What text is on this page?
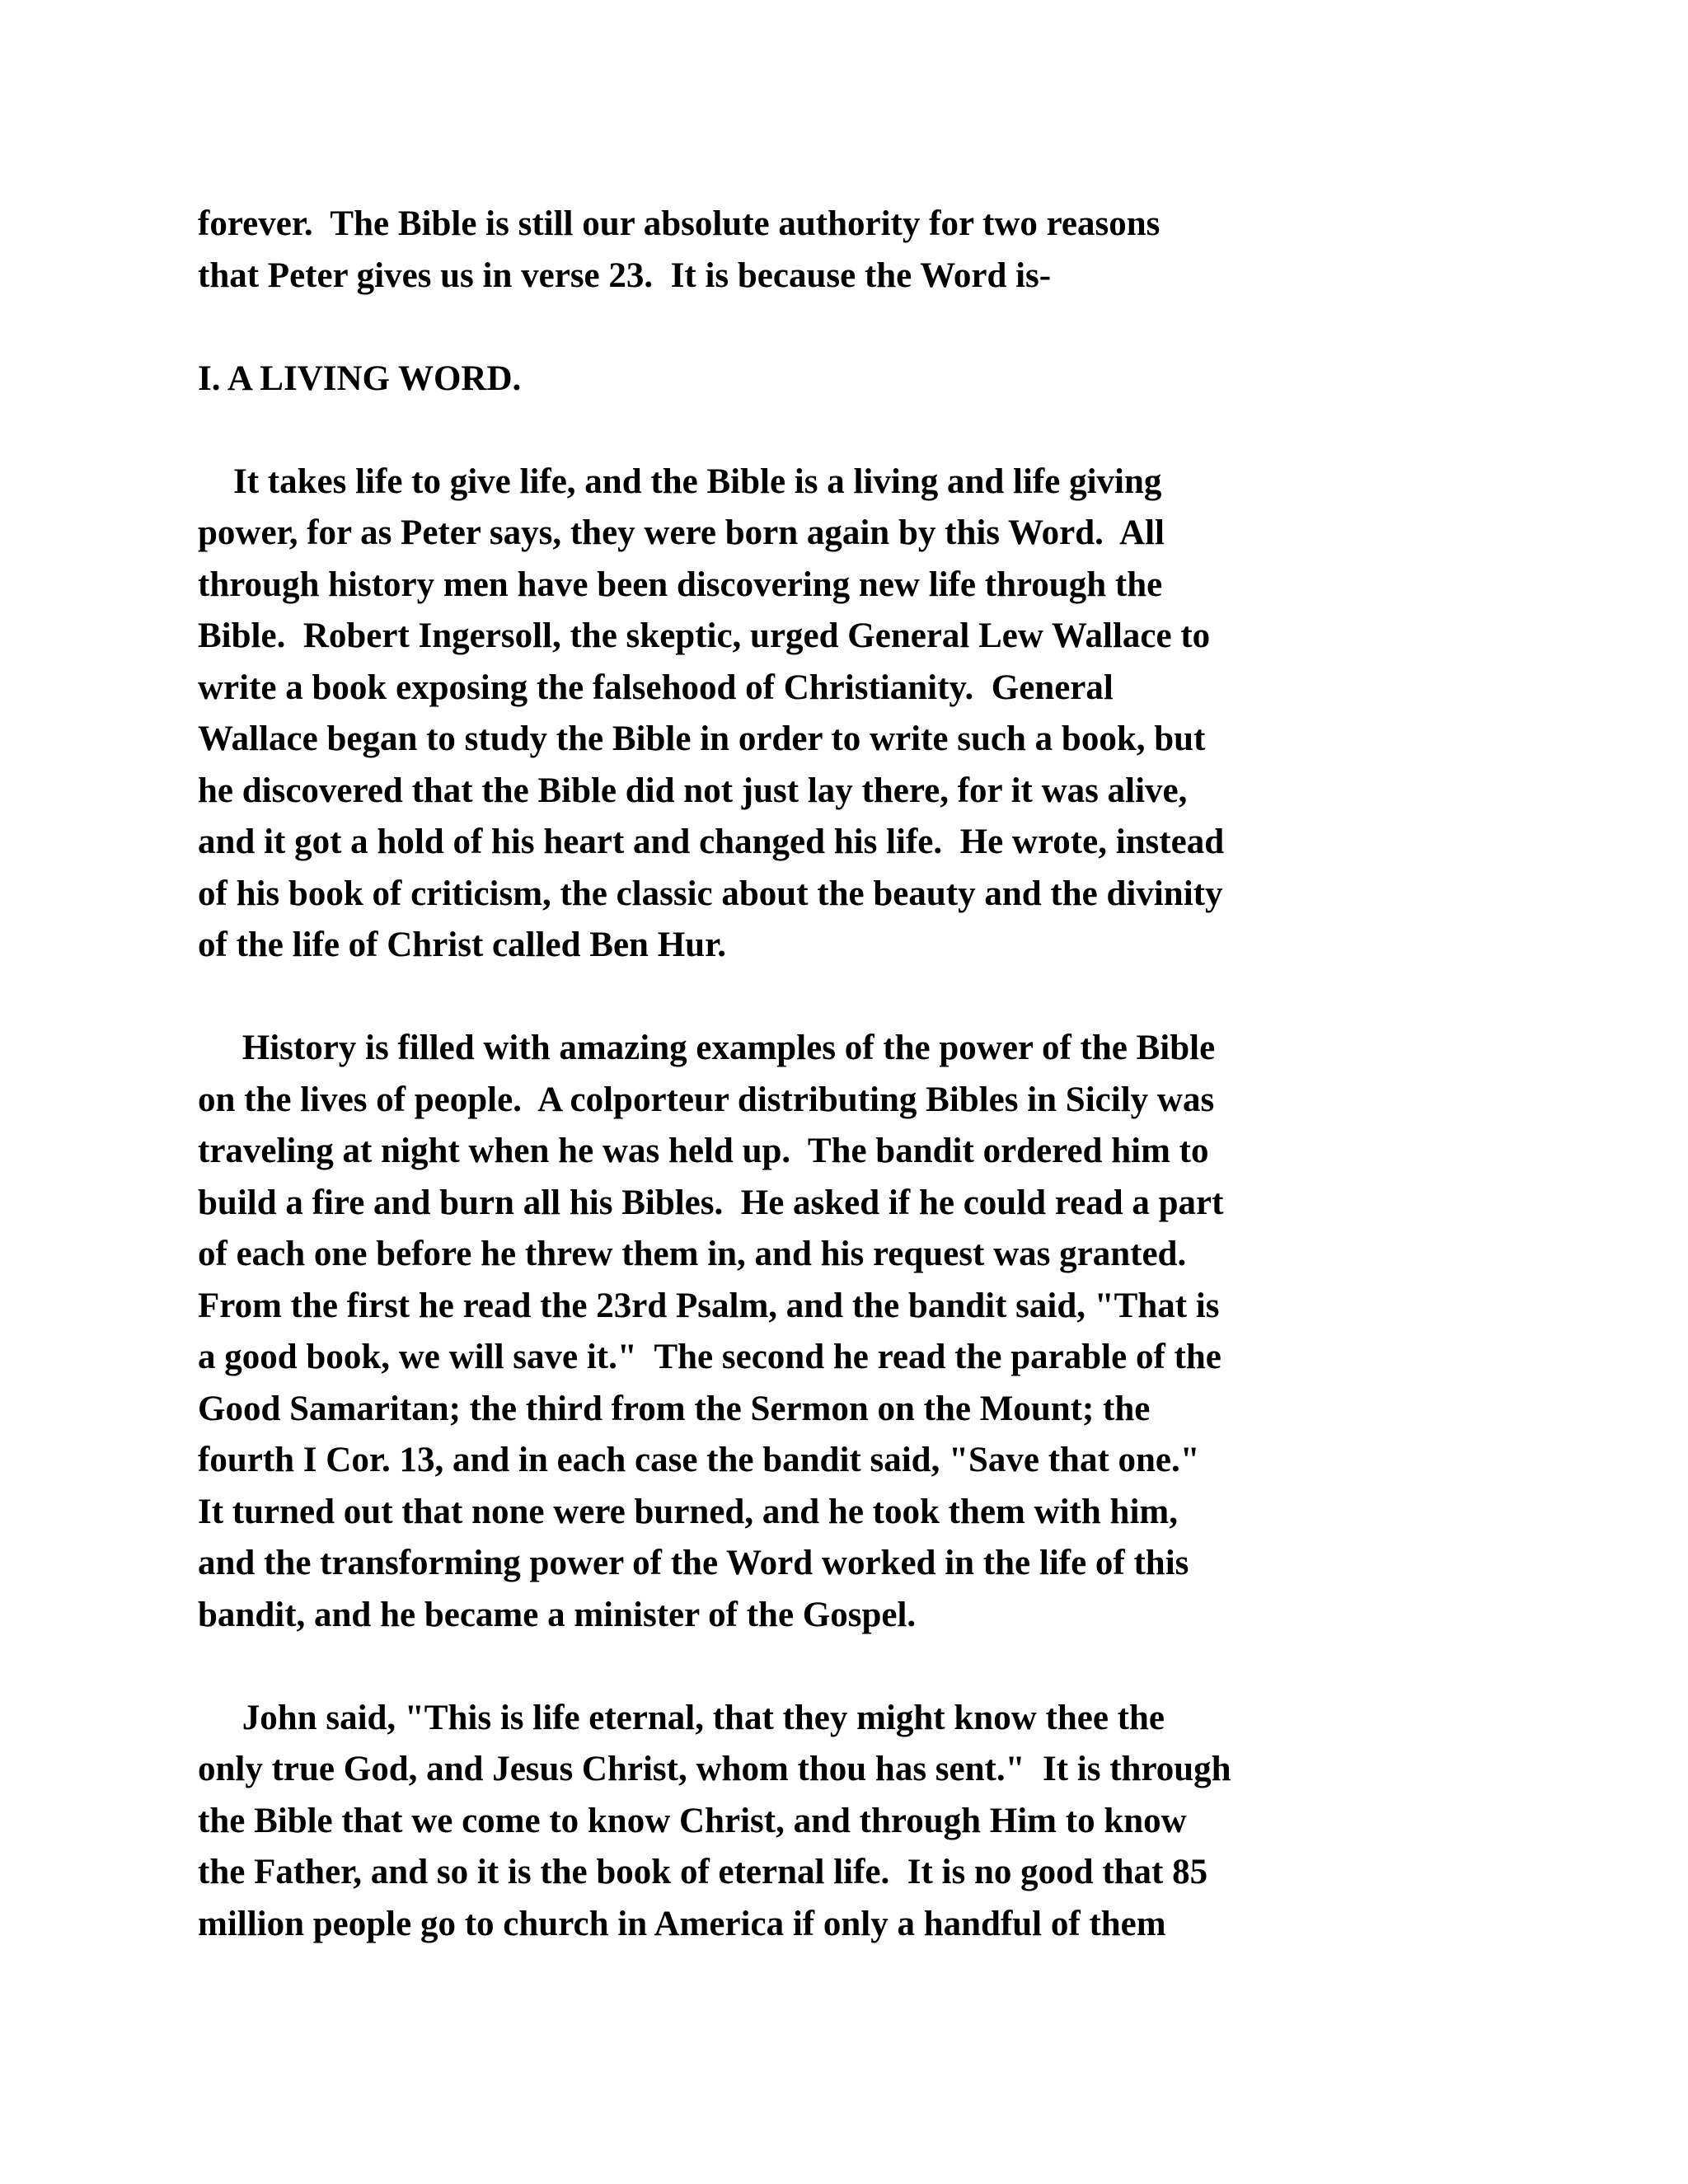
forever.  The Bible is still our absolute authority for two reasons
that Peter gives us in verse 23.  It is because the Word is-
I. A LIVING WORD.
It takes life to give life, and the Bible is a living and life giving
power, for as Peter says, they were born again by this Word.  All
through history men have been discovering new life through the
Bible.  Robert Ingersoll, the skeptic, urged General Lew Wallace to
write a book exposing the falsehood of Christianity.  General
Wallace began to study the Bible in order to write such a book, but
he discovered that the Bible did not just lay there, for it was alive,
and it got a hold of his heart and changed his life.  He wrote, instead
of his book of criticism, the classic about the beauty and the divinity
of the life of Christ called Ben Hur.
History is filled with amazing examples of the power of the Bible
on the lives of people.  A colporteur distributing Bibles in Sicily was
traveling at night when he was held up.  The bandit ordered him to
build a fire and burn all his Bibles.  He asked if he could read a part
of each one before he threw them in, and his request was granted.
From the first he read the 23rd Psalm, and the bandit said, "That is
a good book, we will save it."  The second he read the parable of the
Good Samaritan; the third from the Sermon on the Mount; the
fourth I Cor. 13, and in each case the bandit said, "Save that one."
It turned out that none were burned, and he took them with him,
and the transforming power of the Word worked in the life of this
bandit, and he became a minister of the Gospel.
John said, "This is life eternal, that they might know thee the
only true God, and Jesus Christ, whom thou has sent."  It is through
the Bible that we come to know Christ, and through Him to know
the Father, and so it is the book of eternal life.  It is no good that 85
million people go to church in America if only a handful of them
